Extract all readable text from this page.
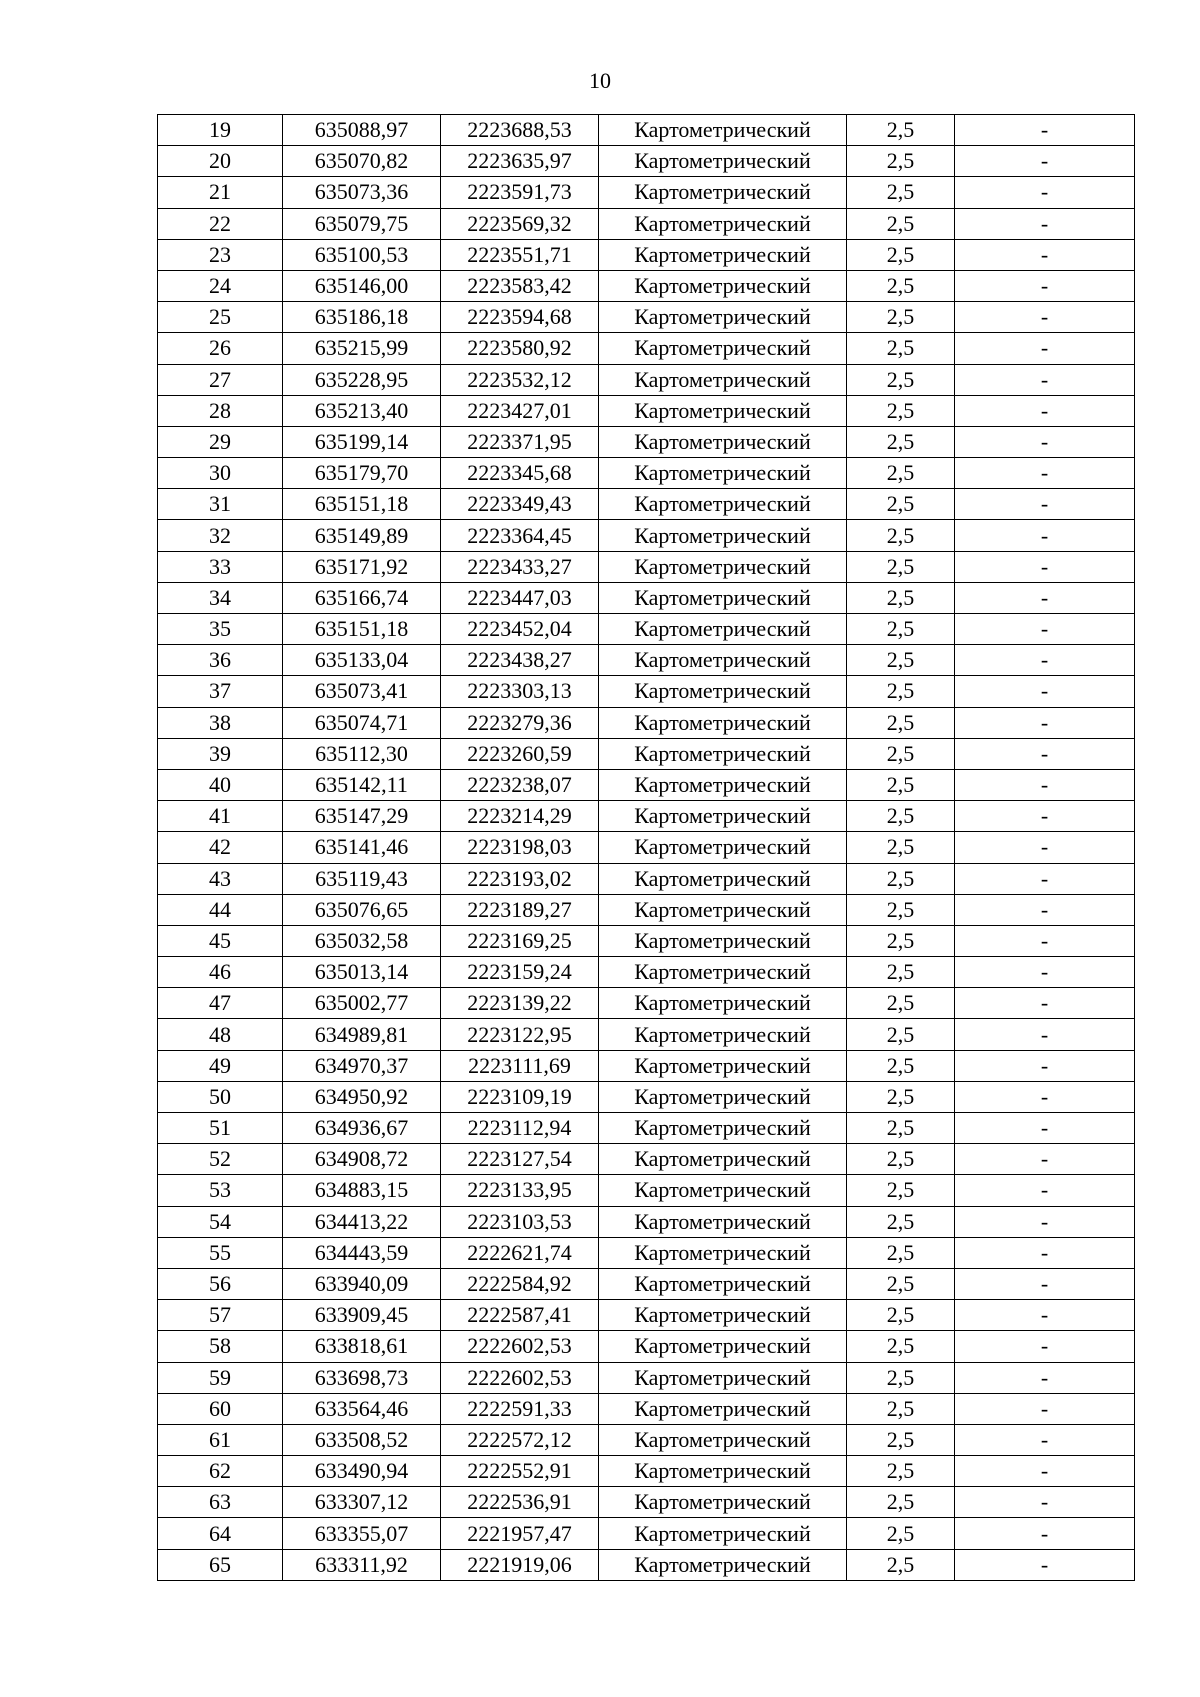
10
19	635088,97	2223688,53	Картометрический	2,5	-
20	635070,82	2223635,97	Картометрический	2,5	-
21	635073,36	2223591,73	Картометрический	2,5	-
22	635079,75	2223569,32	Картометрический	2,5	-
23	635100,53	2223551,71	Картометрический	2,5	-
24	635146,00	2223583,42	Картометрический	2,5	-
25	635186,18	2223594,68	Картометрический	2,5	-
26	635215,99	2223580,92	Картометрический	2,5	-
27	635228,95	2223532,12	Картометрический	2,5	-
28	635213,40	2223427,01	Картометрический	2,5	-
29	635199,14	2223371,95	Картометрический	2,5	-
30	635179,70	2223345,68	Картометрический	2,5	-
31	635151,18	2223349,43	Картометрический	2,5	-
32	635149,89	2223364,45	Картометрический	2,5	-
33	635171,92	2223433,27	Картометрический	2,5	-
34	635166,74	2223447,03	Картометрический	2,5	-
35	635151,18	2223452,04	Картометрический	2,5	-
36	635133,04	2223438,27	Картометрический	2,5	-
37	635073,41	2223303,13	Картометрический	2,5	-
38	635074,71	2223279,36	Картометрический	2,5	-
39	635112,30	2223260,59	Картометрический	2,5	-
40	635142,11	2223238,07	Картометрический	2,5	-
41	635147,29	2223214,29	Картометрический	2,5	-
42	635141,46	2223198,03	Картометрический	2,5	-
43	635119,43	2223193,02	Картометрический	2,5	-
44	635076,65	2223189,27	Картометрический	2,5	-
45	635032,58	2223169,25	Картометрический	2,5	-
46	635013,14	2223159,24	Картометрический	2,5	-
47	635002,77	2223139,22	Картометрический	2,5	-
48	634989,81	2223122,95	Картометрический	2,5	-
49	634970,37	2223111,69	Картометрический	2,5	-
50	634950,92	2223109,19	Картометрический	2,5	-
51	634936,67	2223112,94	Картометрический	2,5	-
52	634908,72	2223127,54	Картометрический	2,5	-
53	634883,15	2223133,95	Картометрический	2,5	-
54	634413,22	2223103,53	Картометрический	2,5	-
55	634443,59	2222621,74	Картометрический	2,5	-
56	633940,09	2222584,92	Картометрический	2,5	-
57	633909,45	2222587,41	Картометрический	2,5	-
58	633818,61	2222602,53	Картометрический	2,5	-
59	633698,73	2222602,53	Картометрический	2,5	-
60	633564,46	2222591,33	Картометрический	2,5	-
61	633508,52	2222572,12	Картометрический	2,5	-
62	633490,94	2222552,91	Картометрический	2,5	-
63	633307,12	2222536,91	Картометрический	2,5	-
64	633355,07	2221957,47	Картометрический	2,5	-
65	633311,92	2221919,06	Картометрический	2,5	-
